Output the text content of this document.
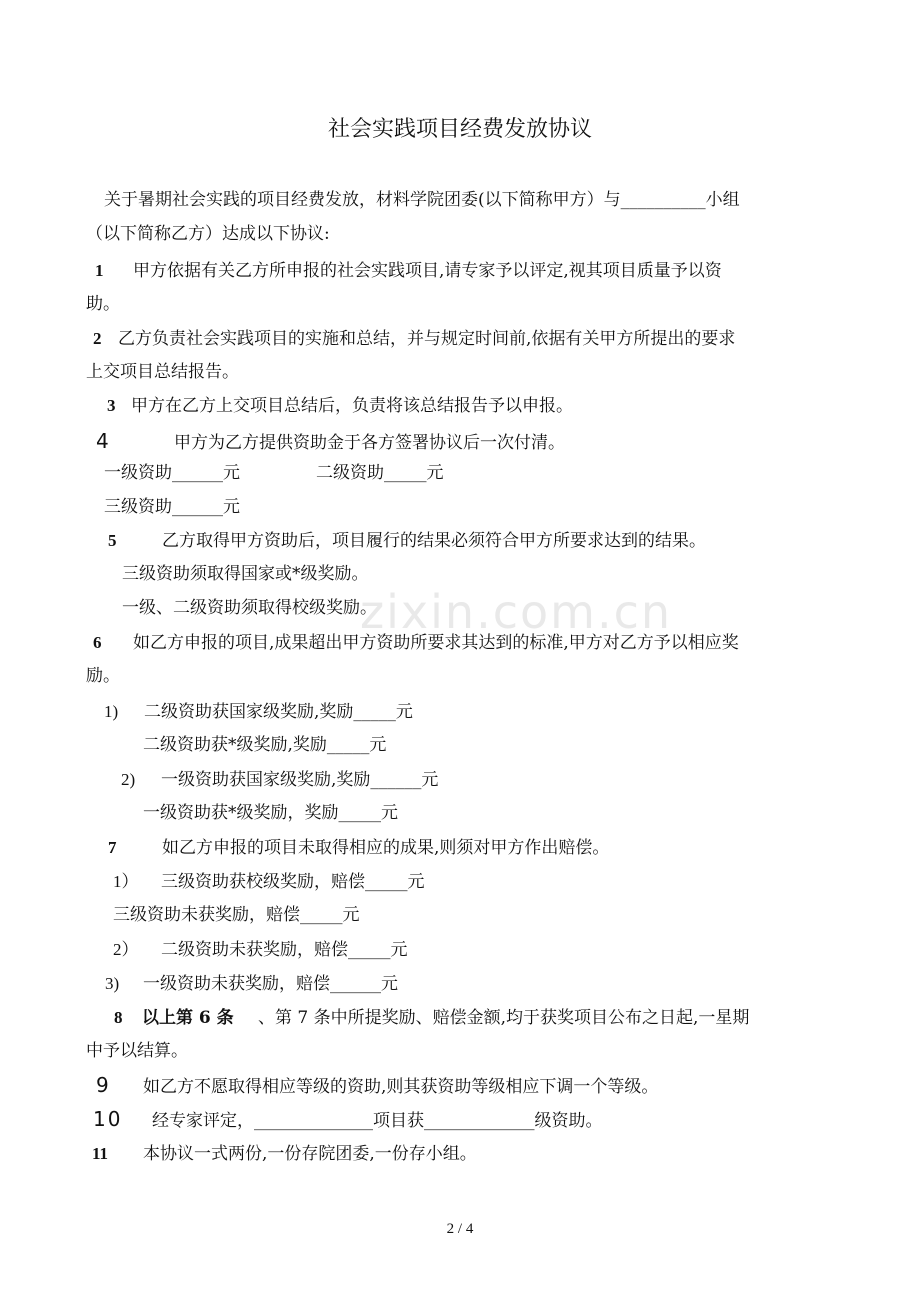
zixin.com.cn
社会实践项目经费发放协议
关于暑期社会实践的项目经费发放，材料学院团委(以下简称甲方）与__________小组
（以下简称乙方）达成以下协议:
1 甲方依据有关乙方所申报的社会实践项目,请专家予以评定,视其项目质量予以资
助。
2 乙方负责社会实践项目的实施和总结，并与规定时间前,依据有关甲方所提出的要求
上交项目总结报告。
3 甲方在乙方上交项目总结后，负责将该总结报告予以申报。
4	甲方为乙方提供资助金于各方签署协议后一次付清。
一级资助______元	二级资助_____元
三级资助______元
5	乙方取得甲方资助后，项目履行的结果必须符合甲方所要求达到的结果。
三级资助须取得国家或*级奖励。
一级、二级资助须取得校级奖励。
6 如乙方申报的项目,成果超出甲方资助所要求其达到的标准,甲方对乙方予以相应奖
励。
1) 二级资助获国家级奖励,奖励_____元
二级资助获*级奖励,奖励_____元
2) 一级资助获国家级奖励,奖励______元
一级资助获*级奖励，奖励_____元
7	如乙方申报的项目未取得相应的成果,则须对甲方作出赔偿。
1） 三级资助获校级奖励，赔偿_____元
三级资助未获奖励，赔偿_____元
2） 二级资助未获奖励，赔偿_____元
3) 一级资助未获奖励，赔偿______元
8 以上第 6 条 、第 7 条中所提奖励、赔偿金额,均于获奖项目公布之日起,一星期
中予以结算。
9 如乙方不愿取得相应等级的资助,则其获资助等级相应下调一个等级。
10 经专家评定，______________项目获_____________级资助。
11 本协议一式两份,一份存院团委,一份存小组。
2 / 4
